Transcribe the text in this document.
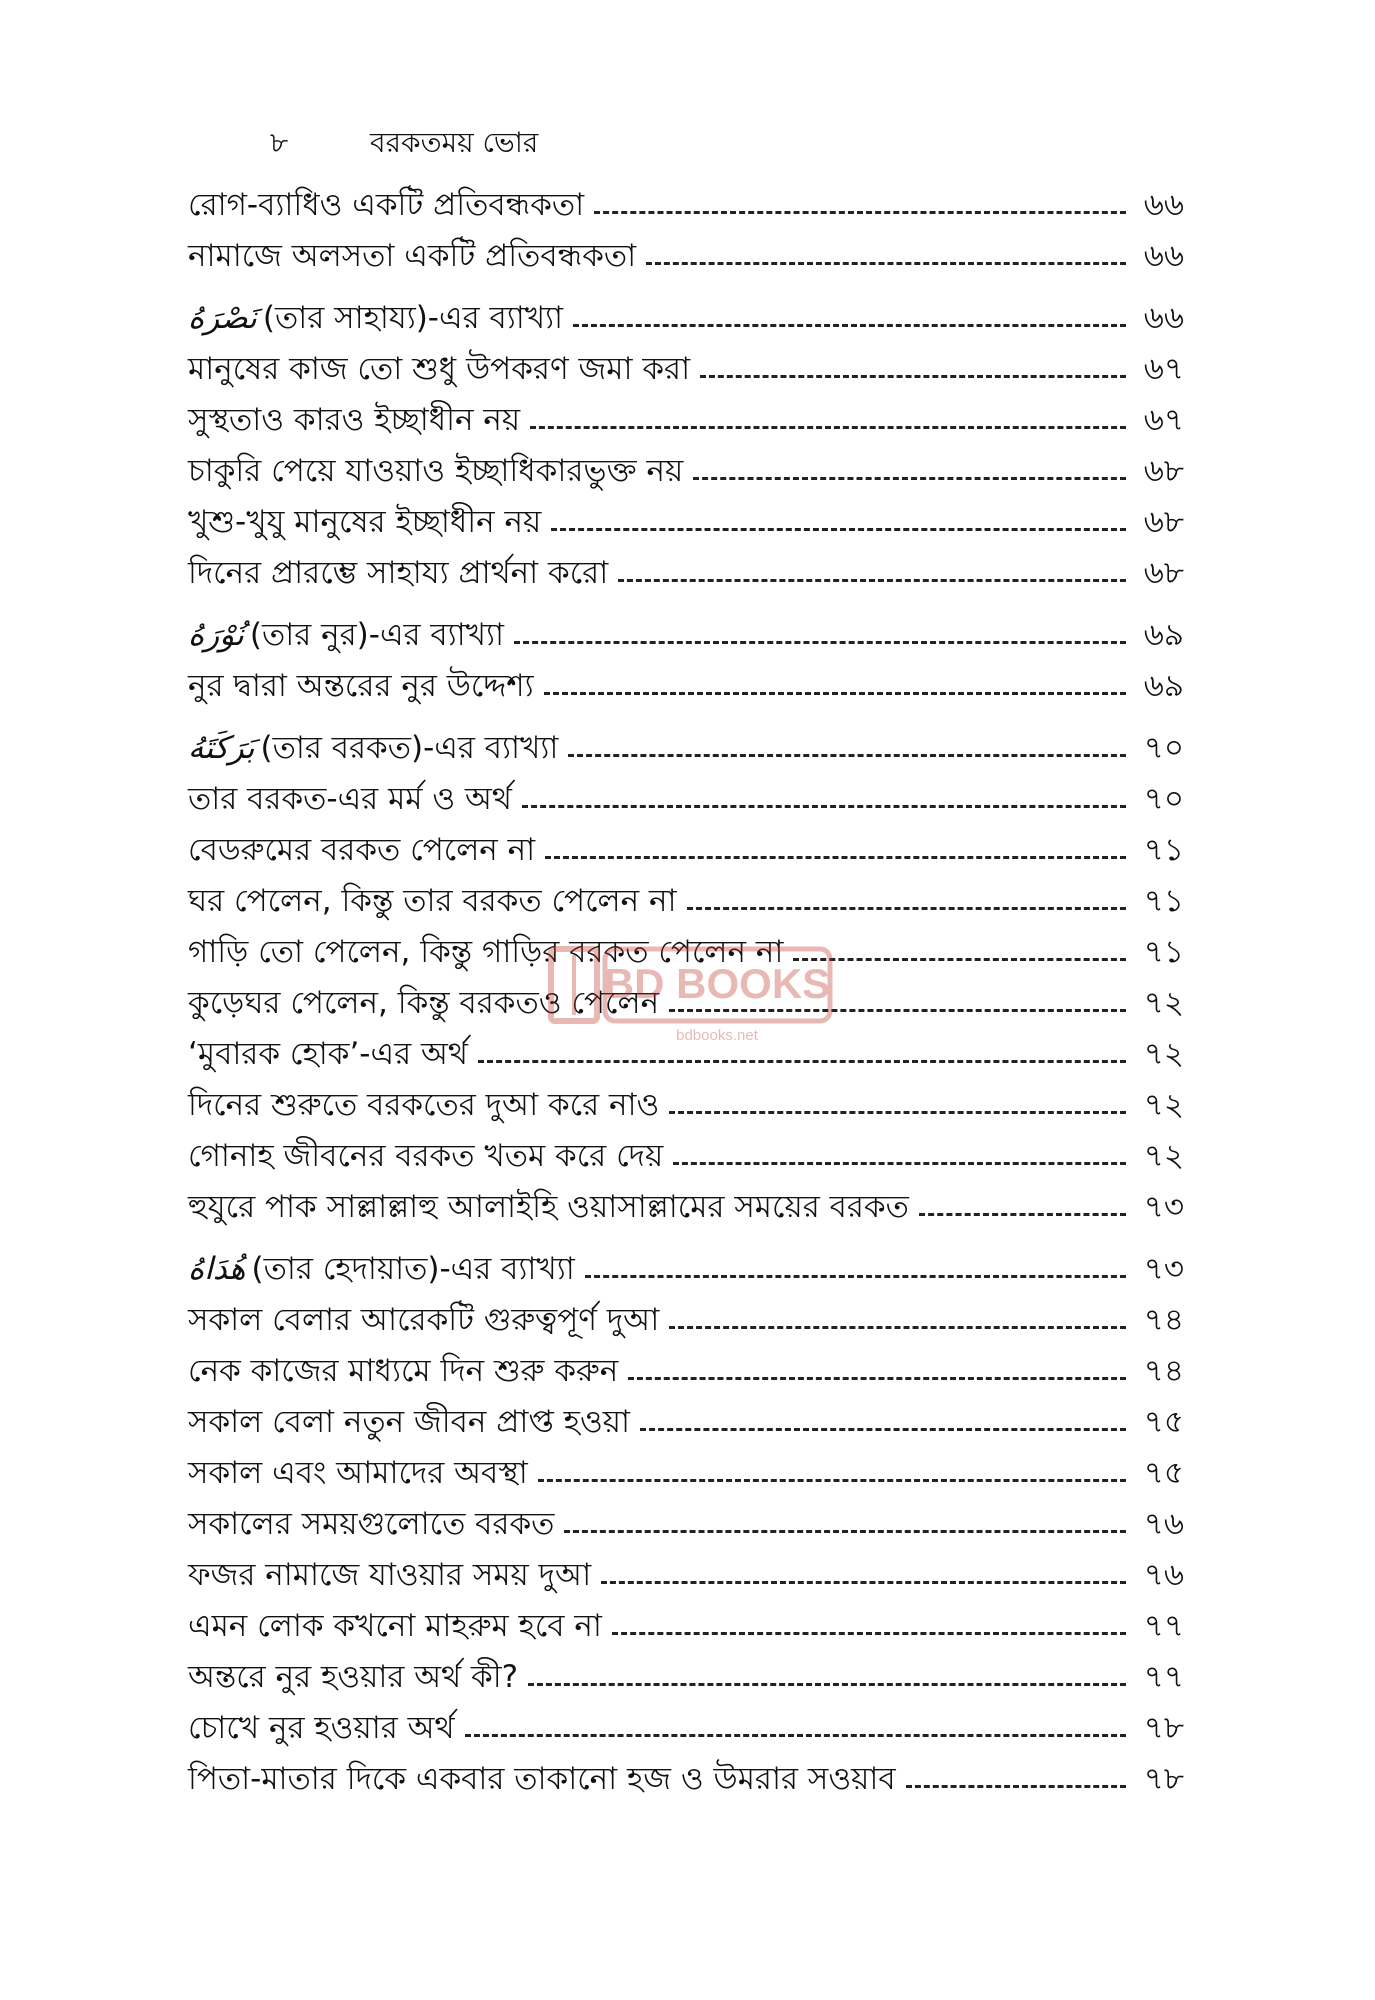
৮	বরকতময় ভোর
রোগ-ব্যাধিও একটি প্রতিবন্ধকতা	৬৬
নামাজে অলসতা একটি প্রতিবন্ধকতা	৬৬
نَصْرَهُ (তার সাহায্য)-এর ব্যাখ্যা	৬৬
মানুষের কাজ তো শুধু উপকরণ জমা করা	৬৭
সুস্থতাও কারও ইচ্ছাধীন নয়	৬৭
চাকুরি পেয়ে যাওয়াও ইচ্ছাধিকারভুক্ত নয়	৬৮
খুশু-খুযু মানুষের ইচ্ছাধীন নয়	৬৮
দিনের প্রারম্ভে সাহায্য প্রার্থনা করো	৬৮
نُوْرَهُ (তার নুর)-এর ব্যাখ্যা	৬৯
নুর দ্বারা অন্তরের নুর উদ্দেশ্য	৬৯
بَرَكَتَهُ (তার বরকত)-এর ব্যাখ্যা	৭০
তার বরকত-এর মর্ম ও অর্থ	৭০
বেডরুমের বরকত পেলেন না	৭১
ঘর পেলেন, কিন্তু তার বরকত পেলেন না	৭১
গাড়ি তো পেলেন, কিন্তু গাড়ির বরকত পেলেন না	৭১
কুড়েঘর পেলেন, কিন্তু বরকতও পেলেন	৭২
‘মুবারক হোক’-এর অর্থ	৭২
দিনের শুরুতে বরকতের দুআ করে নাও	৭২
গোনাহ জীবনের বরকত খতম করে দেয়	৭২
হুযুরে পাক সাল্লাল্লাহু আলাইহি ওয়াসাল্লামের সময়ের বরকত	৭৩
هُدَاهُ (তার হেদায়াত)-এর ব্যাখ্যা	৭৩
সকাল বেলার আরেকটি গুরুত্বপূর্ণ দুআ	৭৪
নেক কাজের মাধ্যমে দিন শুরু করুন	৭৪
সকাল বেলা নতুন জীবন প্রাপ্ত হওয়া	৭৫
সকাল এবং আমাদের অবস্থা	৭৫
সকালের সময়গুলোতে বরকত	৭৬
ফজর নামাজে যাওয়ার সময় দুআ	৭৬
এমন লোক কখনো মাহরুম হবে না	৭৭
অন্তরে নুর হওয়ার অর্থ কী?	৭৭
চোখে নুর হওয়ার অর্থ	৭৮
পিতা-মাতার দিকে একবার তাকানো হজ ও উমরার সওয়াব	৭৮
BD BOOKS
bdbooks.net
